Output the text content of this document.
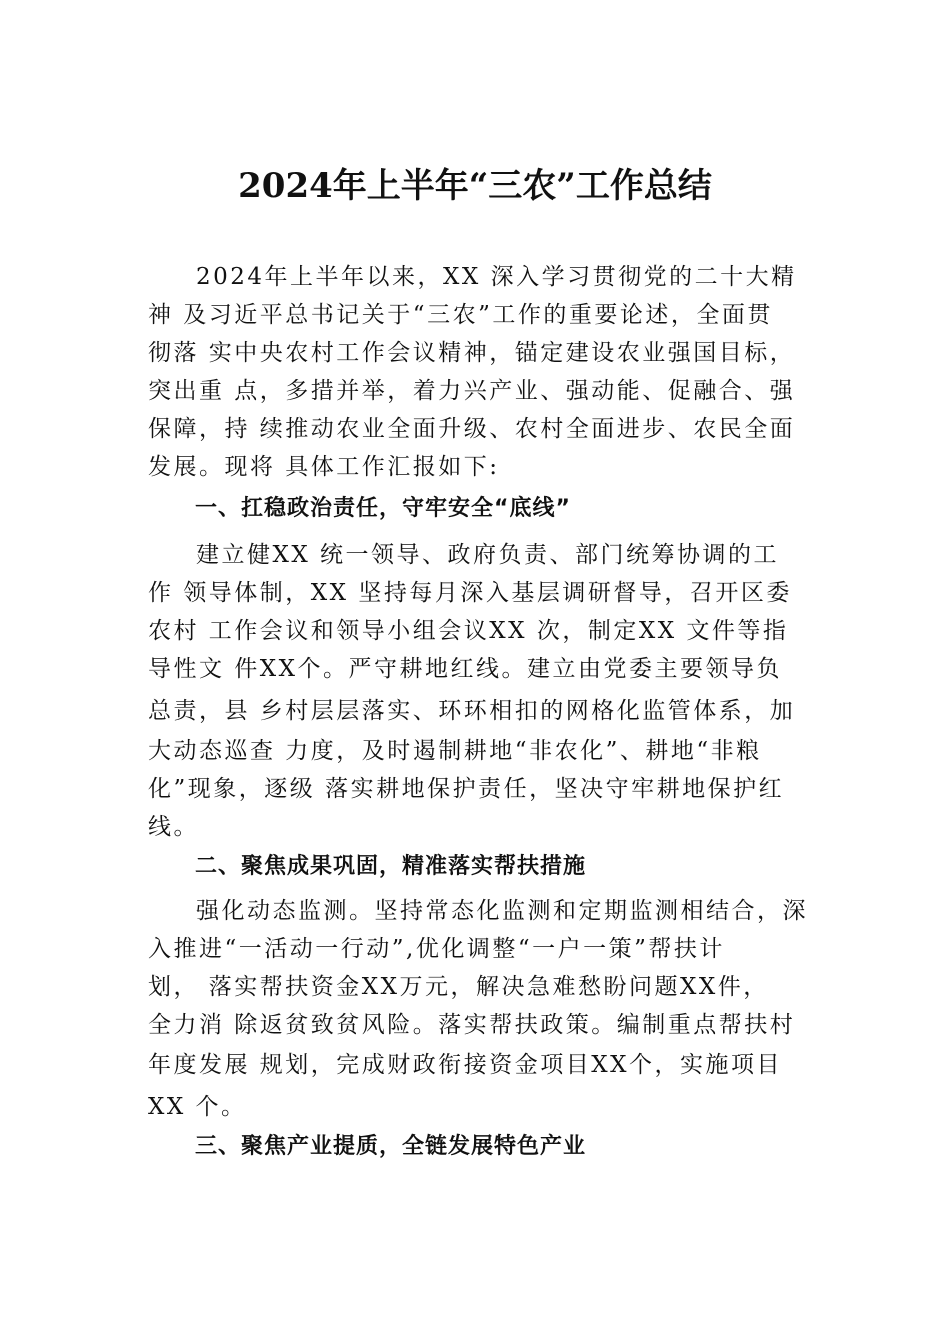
2024年上半年“三农”工作总结
2024年上半年以来，XX 深入学习贯彻党的二十大精
神 及习近平总书记关于“三农”工作的重要论述，全面贯
彻落 实中央农村工作会议精神，锚定建设农业强国目标，
突出重 点，多措并举，着力兴产业、强动能、促融合、强
保障，持 续推动农业全面升级、农村全面进步、农民全面
发展。现将 具体工作汇报如下:
一、扛稳政治责任，守牢安全“底线”
建立健XX 统一领导、政府负责、部门统筹协调的工
作 领导体制，XX 坚持每月深入基层调研督导，召开区委
农村 工作会议和领导小组会议XX 次，制定XX 文件等指
导性文 件XX个。严守耕地红线。建立由党委主要领导负
总责，县 乡村层层落实、环环相扣的网格化监管体系，加
大动态巡查 力度，及时遏制耕地“非农化”、耕地“非粮
化”现象，逐级 落实耕地保护责任，坚决守牢耕地保护红
线。
二、聚焦成果巩固，精准落实帮扶措施
强化动态监测。坚持常态化监测和定期监测相结合，深
入推进“一活动一行动”,优化调整“一户一策”帮扶计
划， 落实帮扶资金XX万元，解决急难愁盼问题XX件，
全力消 除返贫致贫风险。落实帮扶政策。编制重点帮扶村
年度发展 规划，完成财政衔接资金项目XX个，实施项目
XX 个。
三、聚焦产业提质，全链发展特色产业
